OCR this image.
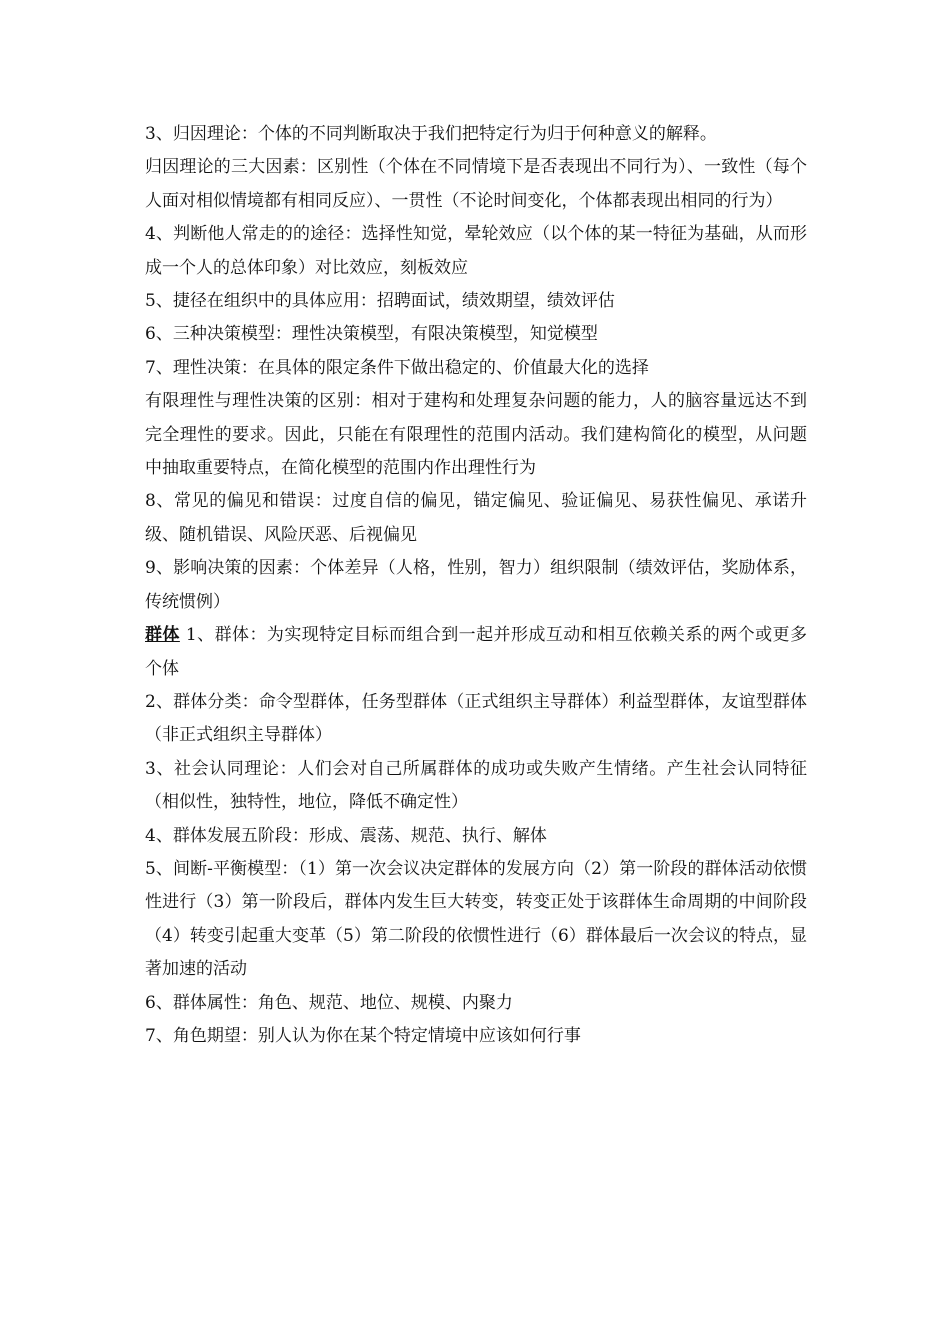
3、归因理论：个体的不同判断取决于我们把特定行为归于何种意义的解释。

归因理论的三大因素：区别性（个体在不同情境下是否表现出不同行为）、一致性（每个人面对相似情境都有相同反应）、一贯性（不论时间变化，个体都表现出相同的行为）

4、判断他人常走的的途径：选择性知觉，晕轮效应（以个体的某一特征为基础，从而形成一个人的总体印象）对比效应，刻板效应

5、捷径在组织中的具体应用：招聘面试，绩效期望，绩效评估

6、三种决策模型：理性决策模型，有限决策模型，知觉模型

7、理性决策：在具体的限定条件下做出稳定的、价值最大化的选择

有限理性与理性决策的区别：相对于建构和处理复杂问题的能力，人的脑容量远达不到完全理性的要求。因此，只能在有限理性的范围内活动。我们建构简化的模型，从问题中抽取重要特点，在简化模型的范围内作出理性行为

8、常见的偏见和错误：过度自信的偏见，锚定偏见、验证偏见、易获性偏见、承诺升级、随机错误、风险厌恶、后视偏见

9、影响决策的因素：个体差异（人格，性别，智力）组织限制（绩效评估，奖励体系，传统惯例）

群体 1、群体：为实现特定目标而组合到一起并形成互动和相互依赖关系的两个或更多个体

2、群体分类：命令型群体，任务型群体（正式组织主导群体）利益型群体，友谊型群体（非正式组织主导群体）

3、社会认同理论：人们会对自己所属群体的成功或失败产生情绪。产生社会认同特征（相似性，独特性，地位，降低不确定性）

4、群体发展五阶段：形成、震荡、规范、执行、解体

5、间断-平衡模型：（1）第一次会议决定群体的发展方向（2）第一阶段的群体活动依惯性进行（3）第一阶段后，群体内发生巨大转变，转变正处于该群体生命周期的中间阶段（4）转变引起重大变革（5）第二阶段的依惯性进行（6）群体最后一次会议的特点，显著加速的活动

6、群体属性：角色、规范、地位、规模、内聚力

7、角色期望：别人认为你在某个特定情境中应该如何行事
